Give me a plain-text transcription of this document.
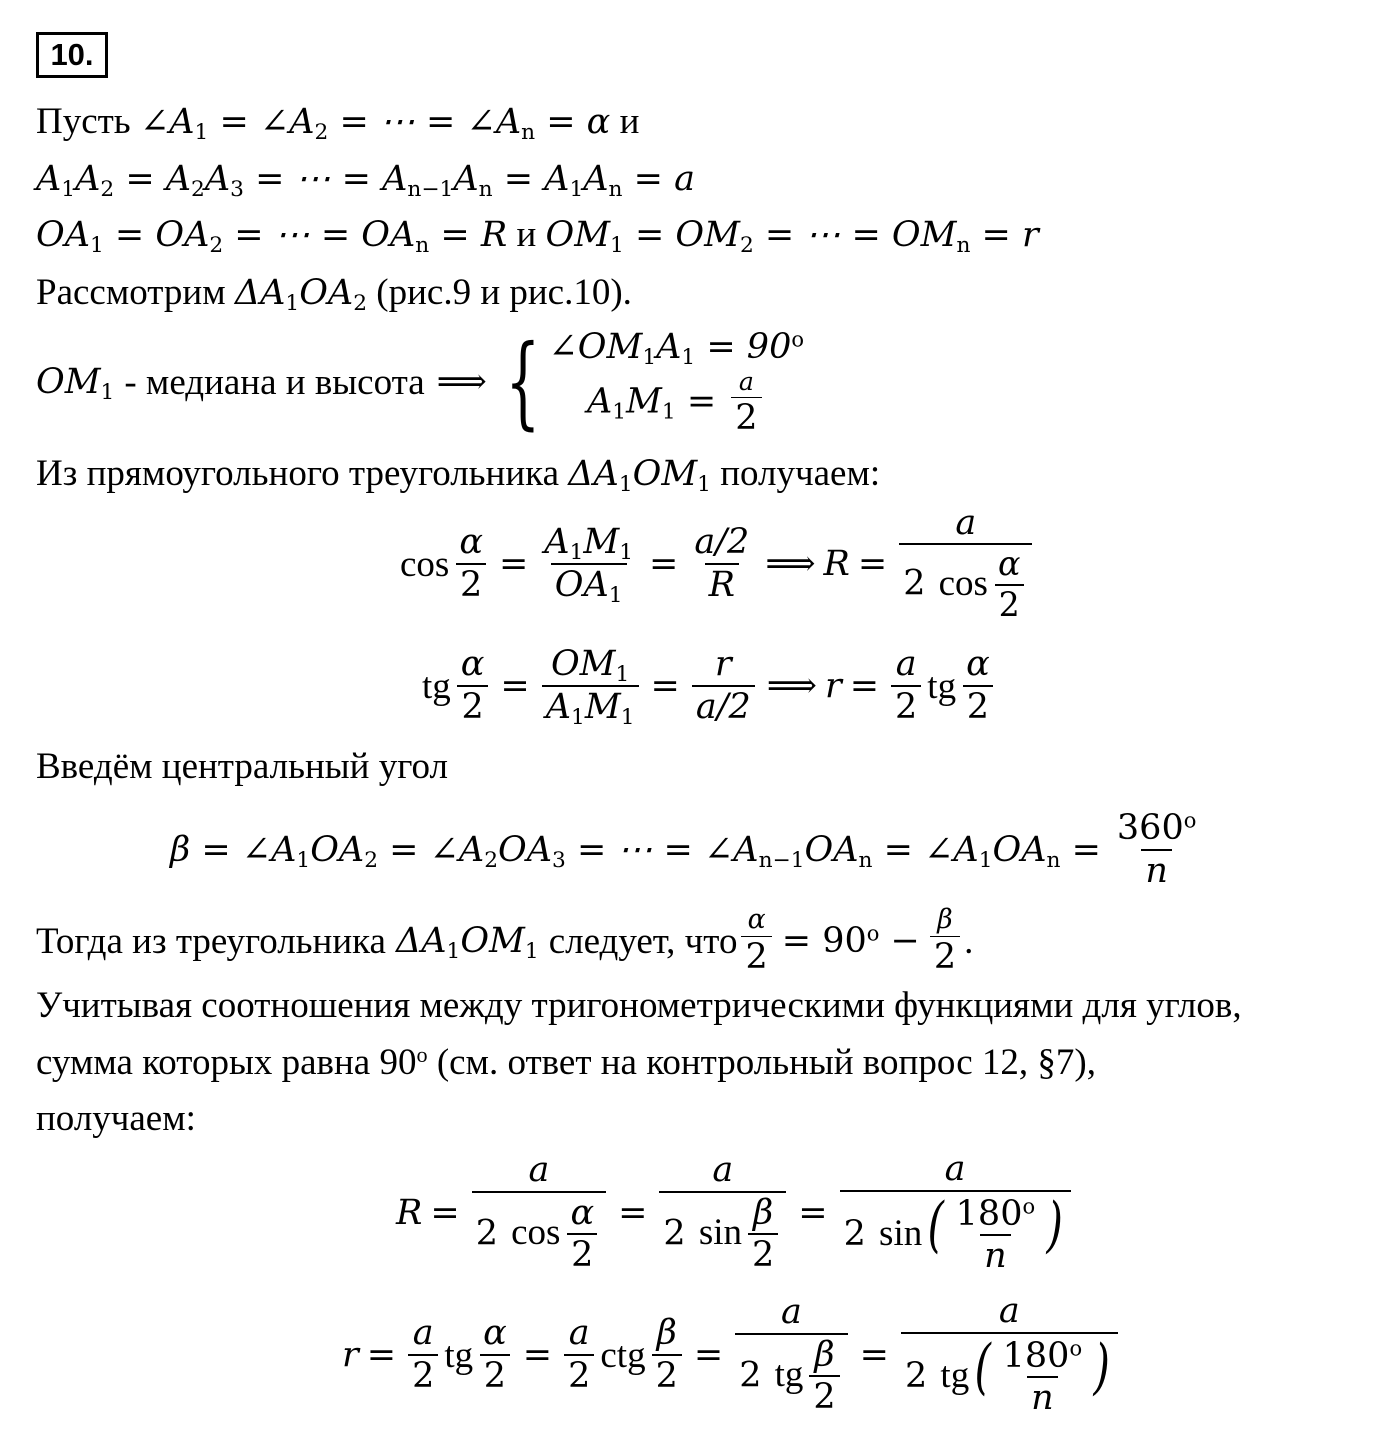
10.
Пусть $\angle A_1$ = $\angle A_2$ = ⋯ = $\angle A_n = \alpha$ и
$A_1A_2 = A_2A_3$ = ⋯ = $A_{n-1}A_n = A_1A_n = a$
$OA_1 = OA_2$ = ⋯ = $OA_n = R$ и $OM_1 = OM_2$ = ⋯ = $OM_n = r$
Рассмотрим $\Delta A_1OA_2$ (рис.9 и рис.10).
$OM_1$ - медиана и высота ⟹ { $\angle OM_1A_1 = 90^o$
$A_1M_1 = \frac{a}{2}$
Из прямоугольного треугольника $\Delta A_1OM_1$ получаем:
$\cos \frac{\alpha}{2} = \frac{A_1M_1}{OA_1} = \frac{a/2}{R}$ ⟹ $R = \frac{a}{2 \cos \frac{\alpha}{2}}$
tg $\frac{\alpha}{2} = \frac{OM_1}{A_1M_1} = \frac{r}{a/2}$ ⟹ $r = \frac{a}{2}$ tg $\frac{\alpha}{2}$
Введём центральный угол
$\beta = \angle A_1OA_2$ = $\angle A_2OA_3$ = ⋯ = $\angle A_{n-1}OA_n$ = $\angle A_1OA_n = \frac{360^o}{n}$
Тогда из треугольника $\Delta A_1OM_1$ следует, что $\frac{\alpha}{2} = 90^o - \frac{\beta}{2}$ .
Учитывая соотношения между тригонометрическими функциями для углов,
сумма которых равна 90$^o$ (см. ответ на контрольный вопрос 12, §7),
получаем:
$R = \frac{a}{2 \cos \frac{\alpha}{2}} = \frac{a}{2 \sin \frac{\beta}{2}} = \frac{a}{2 \sin( \frac{180^o}{n} )}$
$r = \frac{a}{2}$ tg $\frac{\alpha}{2} = \frac{a}{2}$ ctg $\frac{\beta}{2} = \frac{a}{2 tg \frac{\beta}{2}} = \frac{a}{2 tg( \frac{180^o}{n} )}$
